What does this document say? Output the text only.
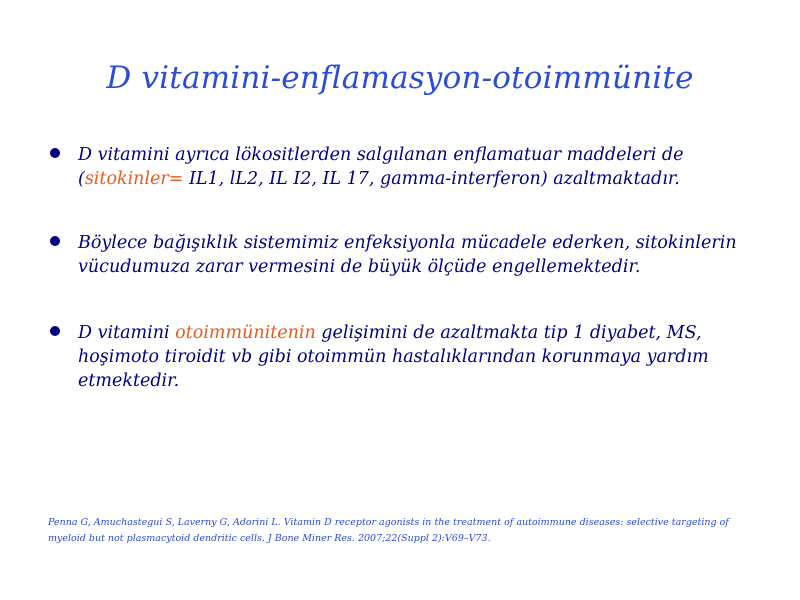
D vitamini-enflamasyon-otoimmünite
D vitamini ayrıca lökositlerden salgılanan enflamatuar maddeleri de
(sitokinler= IL1, lL2, IL I2, IL 17, gamma-interferon) azaltmaktadır.
Böylece bağışıklık sistemimiz enfeksiyonla mücadele ederken, sitokinlerin vücudumuza zarar vermesini de büyük ölçüde engellemektedir.
D vitamini otoimmünitenin gelişimini de azaltmakta tip 1 diyabet, MS, hoşimoto tiroidit vb gibi otoimmün hastalıklarından korunmaya yardım etmektedir.
Penna G, Amuchastegui S, Laverny G, Adorini L. Vitamin D receptor agonists in the treatment of autoimmune diseases: selective targeting of myeloid but not plasmacytoid dendritic cells. J Bone Miner Res. 2007;22(Suppl 2):V69–V73.
